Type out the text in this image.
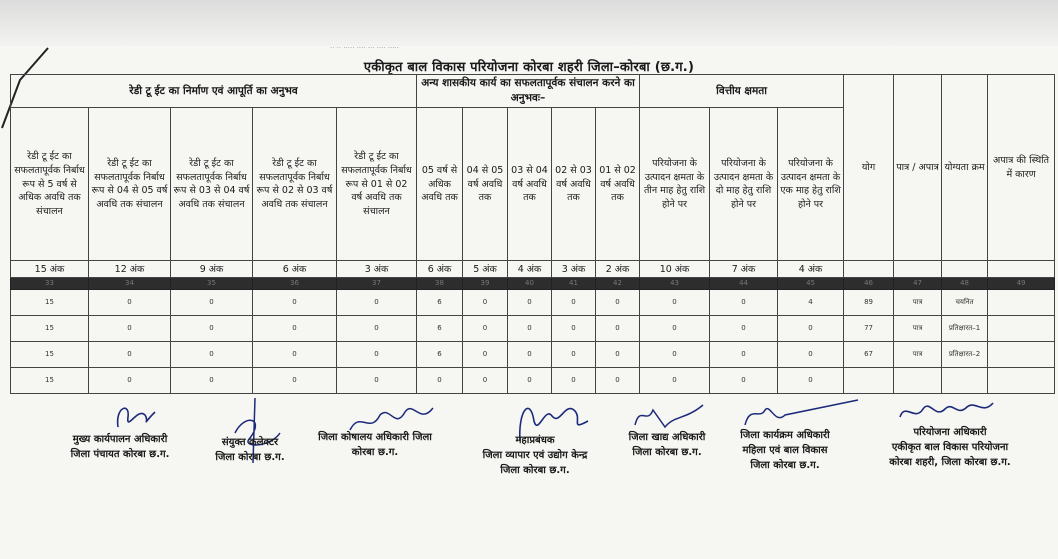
·· ·· ····· ···· ··· ···· ·····
एकीकृत बाल विकास परियोजना कोरबा शहरी जिला–कोरबा (छ.ग.)
रेडी टू ईट का निर्माण एवं आपूर्ति का अनुभव					अन्य शासकीय कार्य का सफलतापूर्वक संचालन करने का अनुभवः–					वित्तीय क्षमता			योग	पात्र / अपात्र	योग्यता क्रम	अपात्र की स्थिति में कारण
रेडी टू ईट का सफलतापूर्वक निर्बाध रूप से 5 वर्ष से अधिक अवधि तक संचालन	रेडी टू ईट का सफलतापूर्वक निर्बाध रूप से 04 से 05 वर्ष अवधि तक संचालन	रेडी टू ईट का सफलतापूर्वक निर्बाध रूप से 03 से 04 वर्ष अवधि तक संचालन	रेडी टू ईट का सफलतापूर्वक निर्बाध रूप से 02 से 03 वर्ष अवधि तक संचालन	रेडी टू ईट का सफलतापूर्वक निर्बाध रूप से 01 से 02 वर्ष अवधि तक संचालन	05 वर्ष से अधिक अवधि तक	04 से 05 वर्ष अवधि तक	03 से 04 वर्ष अवधि तक	02 से 03 वर्ष अवधि तक	01 से 02 वर्ष अवधि तक	परियोजना के उत्पादन क्षमता के तीन माह हेतु राशि होने पर	परियोजना के उत्पादन क्षमता के दो माह हेतु राशि होने पर	परियोजना के उत्पादन क्षमता के एक माह हेतु राशि होने पर				
15 अंक	12 अंक	9 अंक	6 अंक	3 अंक	6 अंक	5 अंक	4 अंक	3 अंक	2 अंक	10 अंक	7 अंक	4 अंक				
33	34	35	36	37	38	39	40	41	42	43	44	45	46	47	48	49
15	0	0	0	0	6	0	0	0	0	0	0	4	89	पात्र	चयनित	
15	0	0	0	0	6	0	0	0	0	0	0	0	77	पात्र	प्रतिक्षारत–1	
15	0	0	0	0	6	0	0	0	0	0	0	0	67	पात्र	प्रतिक्षारत–2	
15	0	0	0	0	0	0	0	0	0	0	0	0				
मुख्य कार्यपालन अधिकारी
जिला पंचायत कोरबा छ.ग.
संयुक्त कलेक्टर
जिला कोरबा छ.ग.
जिला कोषालय अधिकारी जिला
कोरबा छ.ग.
महाप्रबंधक
जिला व्यापार एवं उद्योग केन्द्र
जिला कोरबा छ.ग.
जिला खाद्य अधिकारी
जिला कोरबा छ.ग.
जिला कार्यक्रम अधिकारी
महिला एवं बाल विकास
जिला कोरबा छ.ग.
परियोजना अधिकारी
एकीकृत बाल विकास परियोजना
कोरबा शहरी, जिला कोरबा छ.ग.
